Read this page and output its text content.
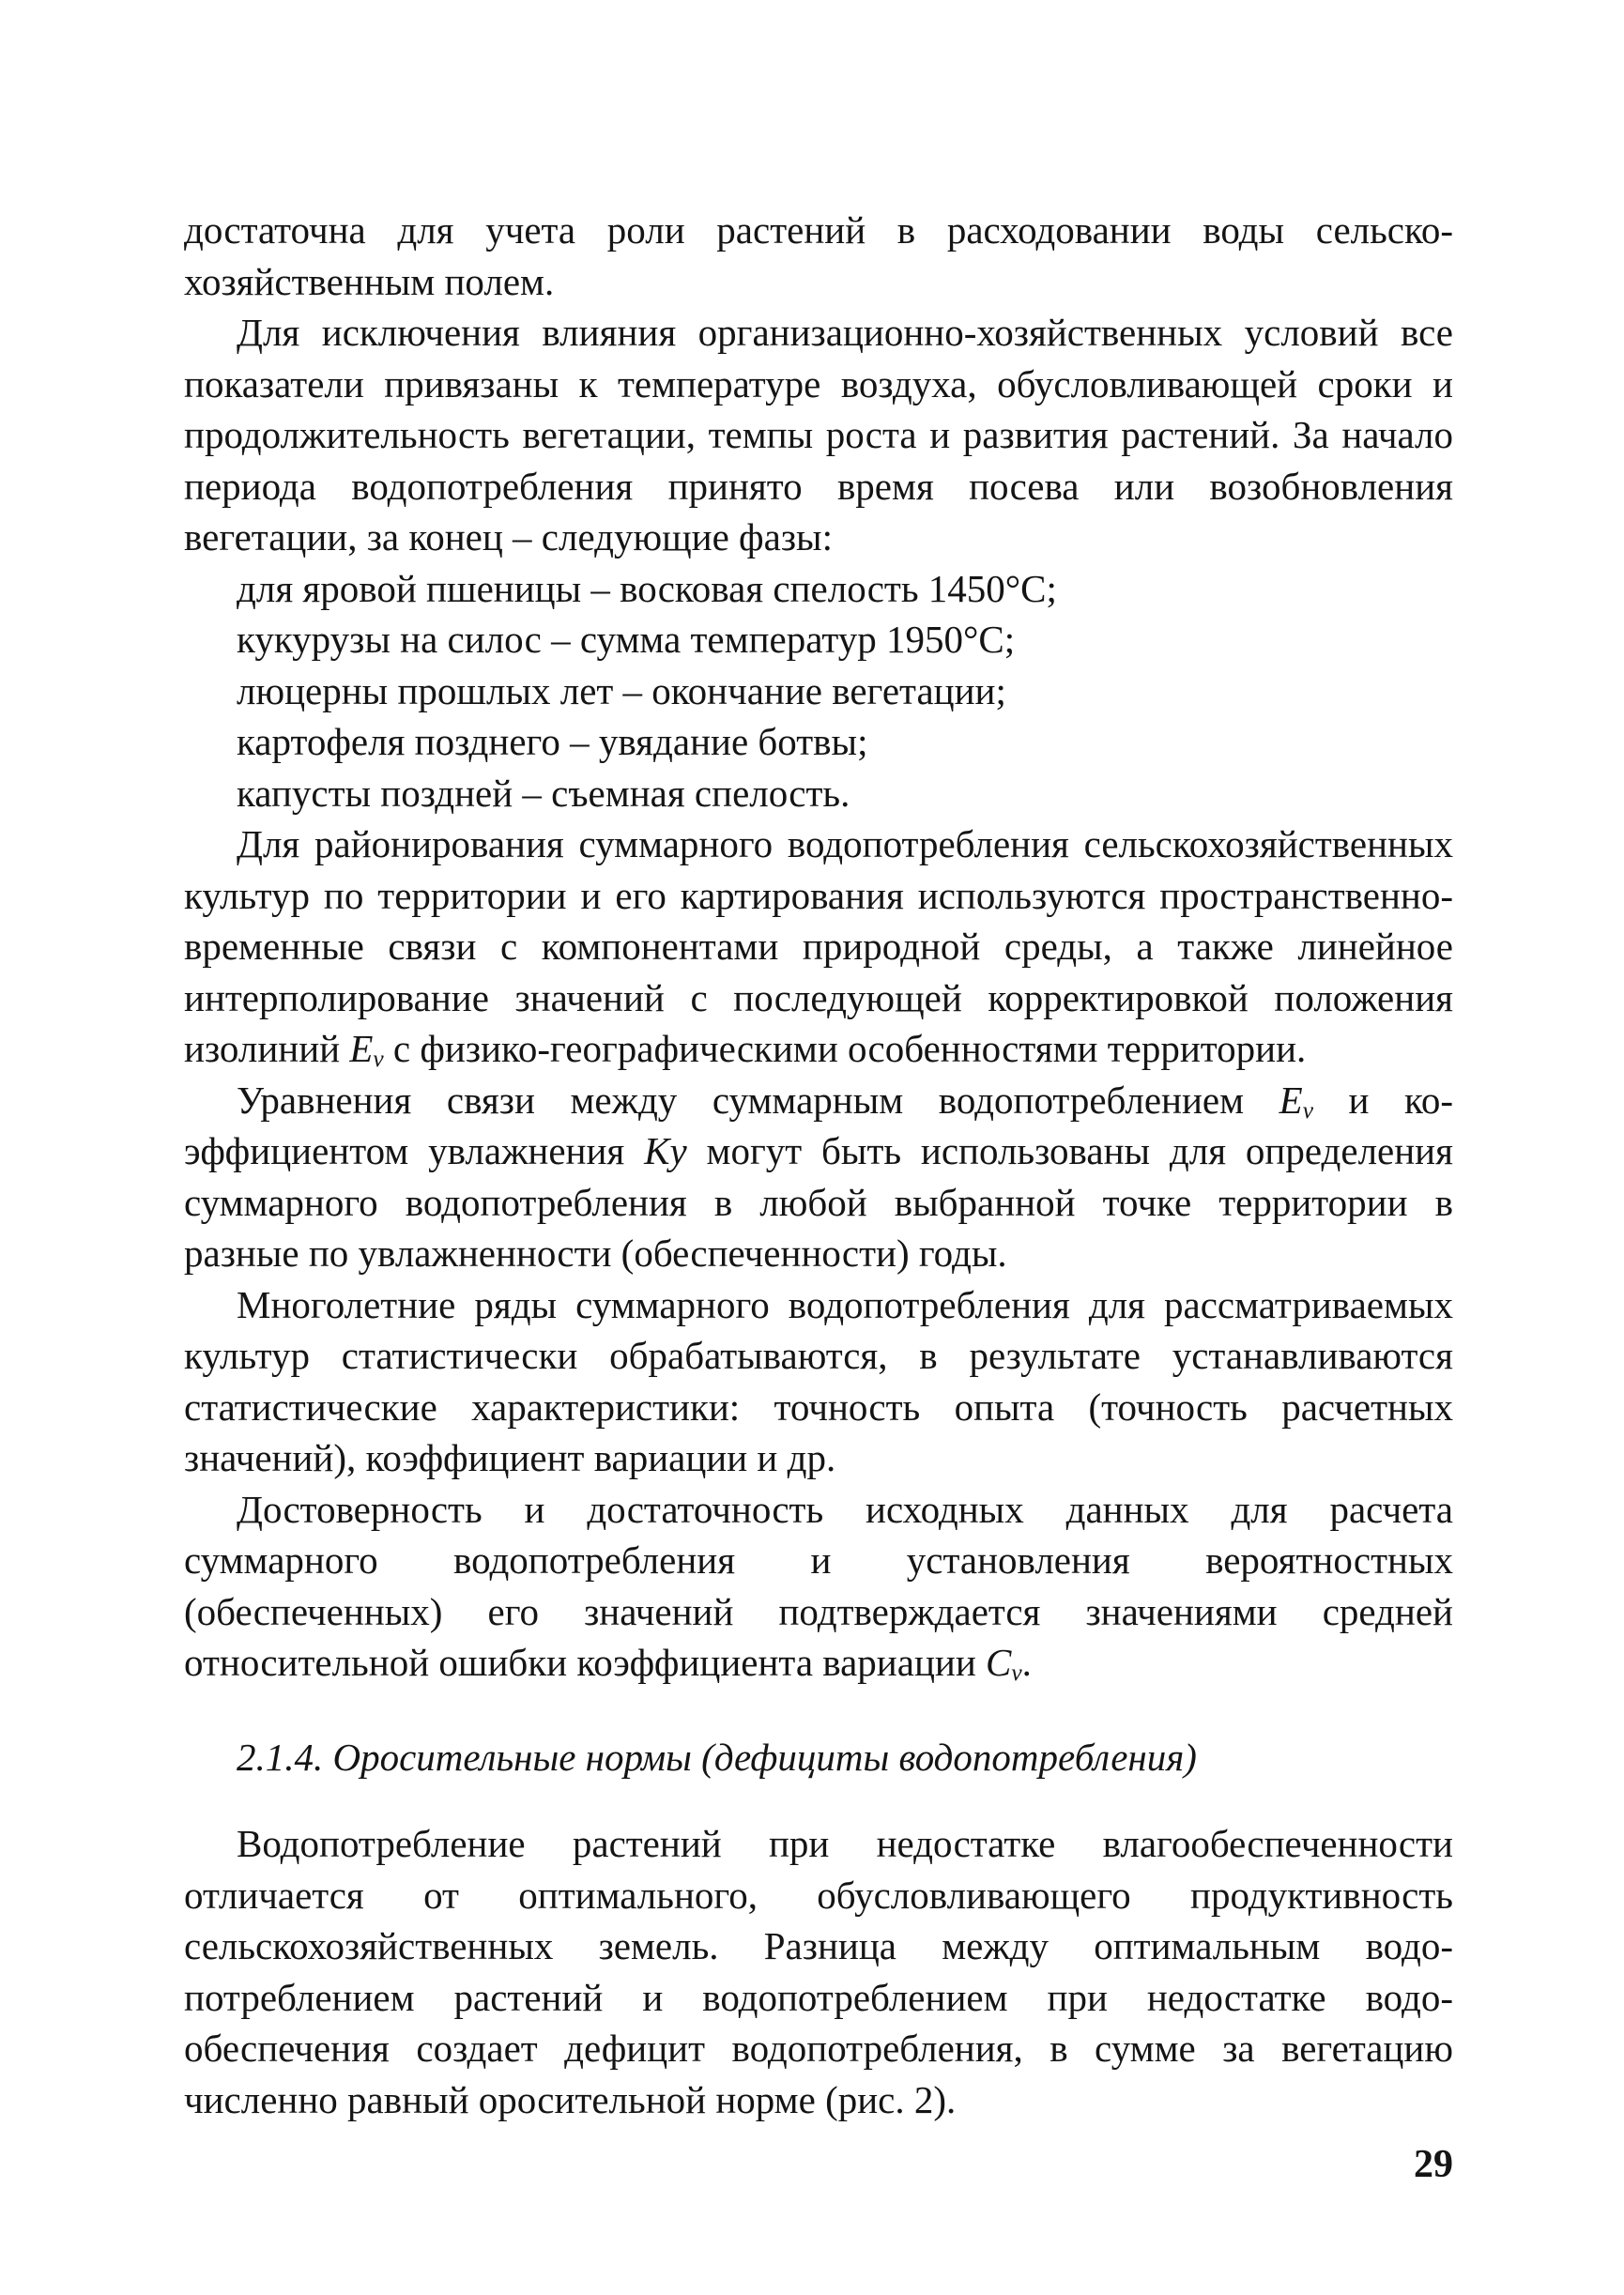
достаточна для учета роли растений в расходовании воды сельскохозяйственным полем.

Для исключения влияния организационно-хозяйственных условий все показатели привязаны к температуре воздуха, обусловливающей сроки и продолжительность вегетации, темпы роста и развития растений. За начало периода водопотребления принято время посева или возобновления вегетации, за конец – следующие фазы:

для яровой пшеницы – восковая спелость 1450°С;
кукурузы на силос – сумма температур 1950°С;
люцерны прошлых лет – окончание вегетации;
картофеля позднего – увядание ботвы;
капусты поздней – съемная спелость.

Для районирования суммарного водопотребления сельскохозяйственных культур по территории и его картирования используются пространственно-временные связи с компонентами природной среды, а также линейное интерполирование значений с последующей корректировкой положения изолиний $E_v$ с физико-географическими особенностями территории.

Уравнения связи между суммарным водопотреблением $E_v$ и коэффициентом увлажнения Ky могут быть использованы для определения суммарного водопотребления в любой выбранной точке территории в разные по увлажненности (обеспеченности) годы.

Многолетние ряды суммарного водопотребления для рассматриваемых культур статистически обрабатываются, в результате устанавливаются статистические характеристики: точность опыта (точность расчетных значений), коэффициент вариации и др.

Достоверность и достаточность исходных данных для расчета суммарного водопотребления и установления вероятностных (обеспеченных) его значений подтверждается значениями средней относительной ошибки коэффициента вариации $C_v$.

2.1.4. Оросительные нормы (дефициты водопотребления)

Водопотребление растений при недостатке влагообеспеченности отличается от оптимального, обусловливающего продуктивность сельскохозяйственных земель. Разница между оптимальным водопотреблением растений и водопотреблением при недостатке водообеспечения создает дефицит водопотребления, в сумме за вегетацию численно равный оросительной норме (рис. 2).

29
